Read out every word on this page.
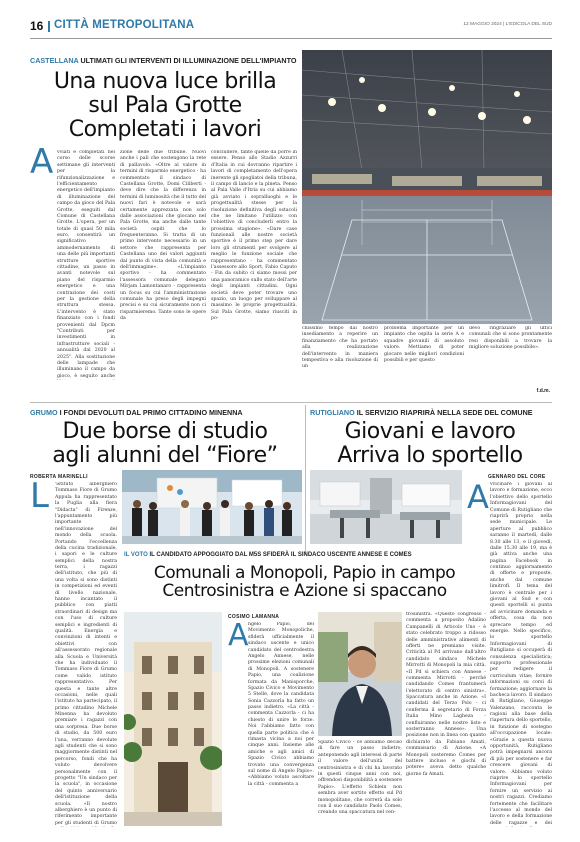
16 CITTÀ METROPOLITANA	12 MAGGIO 2024 | L'EDICOLA DEL SUD
CASTELLANA ULTIMATI GLI INTERVENTI DI ILLUMINAZIONE DELL'IMPIANTO
Una nuova luce brilla
sul Pala Grotte
Completati i lavori

vviati e completati nel corso delle scorse settimane gli interventi per la rifunzionalizzazione e l'efficientamento energetico dell'impianto di illuminazione del campo da gioco del Pala Grotte, eseguiti dal Comune di Castellana Grotte. L'opera, per un totale di quasi 50 mila euro, consentirà un significativo ammodernamento di una delle più importanti strutture sportive cittadine, un passo in avanti notevole sul piano del risparmio energetico e una contrazione dei costi per la gestione della struttura stessa. L'intervento è stato finanziato con i fondi provenienti dal Dpcm "Contributi per investimenti in infrastrutture sociali - annualità dal 2020 al 2025". Alla sostituzione delle lampade che illuminano il campo da gioco, è seguito anche

A	zione delle due tribune. Nuovi anche i pali che sostengono la rete di pallavolo. «Oltre al valore in termini di risparmio energetico - ha commentato il sindaco di Castellana Grotte, Domi Ciliberti - deve dire che la differenza in termini di luminosità che il tutto del nuovi fari è notevole e sarà certamente apprezzata non solo dalle associazioni che giocano nel Pala Grotte, ma anche dalle tante società ospiti che lo frequenteranno. Si tratta di un primo intervento necessario in un settore che rappresenta per Castellana uno dei valori aggiunti dal punto di vista della comunità e dell'immagine». «L'impianto sportivo - ha commentato l'assessora comunale delegato Mirjam Lamontanaro - rappresenta un focus su cui l'amministrazione comunale ha preso degli impegni precisi e su cui sicuramente non ci risparmieremo. Tante sono le opere da

concludere, tante quelle da porre in essere. Penso allo Stadio Azzurri d'Italia in cui dovranno ripartire i lavori di completamento dell'opera inerente gli spogliatoi della tribuna, il campo di lancio e la pineta. Penso al Pala Valle d'Itria su cui abbiamo già avviato i sopralluoghi e le progettualità stesse per la risoluzione definitiva degli ostacoli che ne limitano l'utilizzo con l'obiettivo di concluderli entro la prossima stagione». «Dare case funzionali alle nostre società sportive è il primo step per dare loro gli strumenti per svolgere al meglio le funzione sociale che rappresentano - ha commentato l'assessore allo Sport, Fabio Caputo - Fin da subito ci siamo mossi per una panoramico sullo stato dell'arte degli impianti cittadini. Ogni società deve poter trovare uno spazio, un luogo per sviluppare al massimo le proprie progettualità. Sul Pala Grotte, siamo riusciti in po-

chissimo tempo dal nostro insediamento a reperire un finanziamento che ha portato alla realizzazione dell'intervento in maniera tempestiva e alla risoluzione di un

problema importante per un impianto che ospita la serie A e squadre giovanili di assoluto valore. Mettiamo di poter giocare nelle migliori condizioni possibili e per questo

devo ringraziare gli uffici comunali che si sono prontamente resi disponibili a trovare la migliore soluzione possibile».

f.d.m.
GRUMO I FONDI DEVOLUTI DAL PRIMO CITTADINO MINENNA
Due borse di studio
agli alunni del “Fiore”
ROBERTA MARINELLI
L 'istituto alberghiero Tommaso Fiore di Grumo Appula ha rappresentato la Puglia alla fiera "Didacta" di Firenze, l'appuntamento più importante nell'innovazione del mondo della scuola. Portando l'eccellenza della cucina tradizionale, i sapori e le culture semplici della nostra terra, i ragazzi dell'istituto, che più di una volta si sono distinti in competizioni ed eventi di livello nazionale, hanno incantato il pubblico con piatti straordinari di design ma con l'uso di culture semplici e ingredienti di qualità. Energia e convinzioni di intenti e obiettivi con all'assessorato regionale alla Scuola e Università che ha individuato il Tommaso Fiore di Grumo come valido istituto rappresentativo. Per questa e tante altre occasioni, nelle quali l'istituto ha partecipato, il primo cittadino Michele Minenna ha devoluto premiare i ragazzi con una sorpresa. Due borse di studio, da 500 euro l'una, verranno devolute agli studenti che si sono maggiormente distinti nel percorso, fondi che ha voluto devolvere personalmente con il progetto "Un sindaco per la scuola", in occasione del quinto anniversario dell'istituzione della scuola. «Il nostro alberghiero è un punto di riferimento importante per gli studenti di Grumo

RUTIGLIANO IL SERVIZIO RIAPRIRÀ NELLA SEDE DEL COMUNE
Giovani e lavoro
Arriva lo sportello
GENNARO DEL CORE
A vvicinare i giovani al lavoro e formazione, ecco l'obiettivo dello sportello Informagiovani del Comune di Rutigliano che riaprirà proprio nella sede municipale. Le aperture al pubblico saranno il martedì, dalle 8.30 alle 13, e il giovedì, dalle 15.30 alle 19, ma è già attiva anche una pagina Facebook in continuo aggiornamento di offerte e proposte, anche dal comune limitrofi. Il tema del lavoro è centrale per i giovani al Sud e con questi sportelli si punta ad avvicinare domanda e offerta, cosa da non sprecare tempo ed energie. Nello specifico, lo sportello Informagiovani di Rutigliano si occuperà di consulenza specialistica; supporto professionale per redigere il curriculum vitae; fornire informazioni su corsi di formazione; aggiornare la bacheca lavoro. Il sindaco di Rutigliano, Giuseppe Valenzano, racconta le ragioni alla base della riapertura dello sportello, in funzione di sostegno all'occupazione locale: «Grazie a questa nuova opportunità, Rutigliano potrà impegnarsi ancora di più per sostenere e far crescere giovani di valore. Abbiamo voluto riaprire lo sportello Informagiovani per fornire un servizio ai nostri ragazzi. Crediamo fortemente che facilitare l'accesso al mondo del lavoro e della formazione delle ragazze e dei

IL VOTO IL CANDIDATO APPOGGIATO DAL M5S SFIDERÀ IL SINDACO USCENTE ANNESE E COMES
Comunali a Monopoli, Papio in campo
Centrosinistra e Azione si spaccano
COSIMO LAMANNA
A ngelo Papio, del Movimento Monopoliche, sfiderà ufficialmente il sindaco uscente e unico candidato del centrodestra Angelo Annese, nelle prossime elezioni comunali di Monopoli. A sostenere Papio, una coalizione formata da Manisporche, Spazio Civico e Movimento 5 Stelle, dove la candidata Sonia Cazzorla ha fatto un passo indietro. «La città - commenta Cazzorla - ci ha chiesto di unire le forze. Noi l'abbiamo fatto con quella parte politica che è rimasta vicina a noi per cinque anni. Insieme alle amiche e agli amici di Spazio Civico abbiamo trovato una convergenza sul nome di Angelo Papio». «Abbiamo voluto ascoltare la città - commenta a

Spazio Civico - ce abbiamo deciso di fare un passo indietro, anteponendo agli interessi di parte il valore dell'unità del centrosinistra e di chi ha lavorato in questi cinque anni con noi, offrendosi disponibilità a sostenere Papio». L'effetto Schlein non sembra aver sortito effetto sul Pd monopolitano, che correrà da solo con il suo candidato Paolo Comes, creando una spaccatura nel cen-

trosinistra. «Questo congresso - commenta a proposito Adalino Campanelli di Articolo Uno - è stato celebrato troppo a ridosso delle amministrative alimenti di offerti ne premiano visite. Criticità al Pd arrivano dall'altro candidato sindaco Michele Mirrotti di Monopoli la mia città. «Il Pd si schiera con Annese - commenta Mirrotti - perché candidando Comes frantumerà l'elettorato di centro sinistra». Spaccatura anche in Azione. «I candidati del Terzo Polo - ci conferma il segretario di Forza Italia Mino Lagheza - confluiranno nelle nostre liste e sosterranno Annese». Una posizione non in linea con quanto dichiarato da Fabiano Amati, commissario di Azione. «A Monopoli sosteremo Comes per battere incluso e giochi di potere» aveva detto qualche giorno fa Amati.
